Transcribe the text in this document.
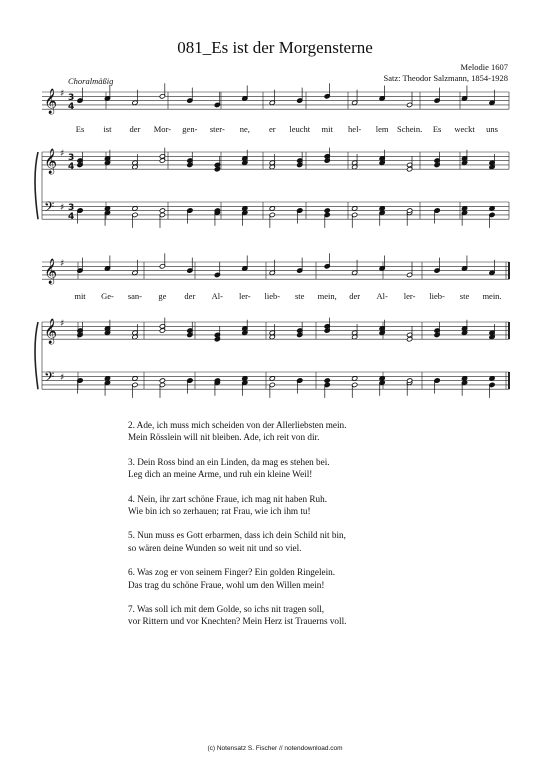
081_Es ist der Morgensterne
Melodie 1607
Satz: Theodor Salzmann, 1854-1928
Choralmäßig
𝄞 ♯ 3
4
𝄞 ♯ 3
4
𝄢 ♯ 3
4
𝄞 ♯
𝄞 ♯
𝄢 ♯
Es ist der Mor- gen- ster- ne, er leucht mit hel- lem Schein. Es weckt uns
mit Ge- san- ge der Al- ler- lieb- ste mein, der Al- ler- lieb- ste mein.
2. Ade, ich muss mich scheiden von der Allerliebsten mein.
Mein Rösslein will nit bleiben. Ade, ich reit von dir.
3. Dein Ross bind an ein Linden, da mag es stehen bei.
Leg dich an meine Arme, und ruh ein kleine Weil!
4. Nein, ihr zart schöne Fraue, ich mag nit haben Ruh.
Wie bin ich so zerhauen; rat Frau, wie ich ihm tu!
5. Nun muss es Gott erbarmen, dass ich dein Schild nit bin,
so wären deine Wunden so weit nit und so viel.
6. Was zog er von seinem Finger? Ein golden Ringelein.
Das trag du schöne Fraue, wohl um den Willen mein!
7. Was soll ich mit dem Golde, so ichs nit tragen soll,
vor Rittern und vor Knechten? Mein Herz ist Trauerns voll.
(c) Notensatz S. Fischer // notendownload.com
